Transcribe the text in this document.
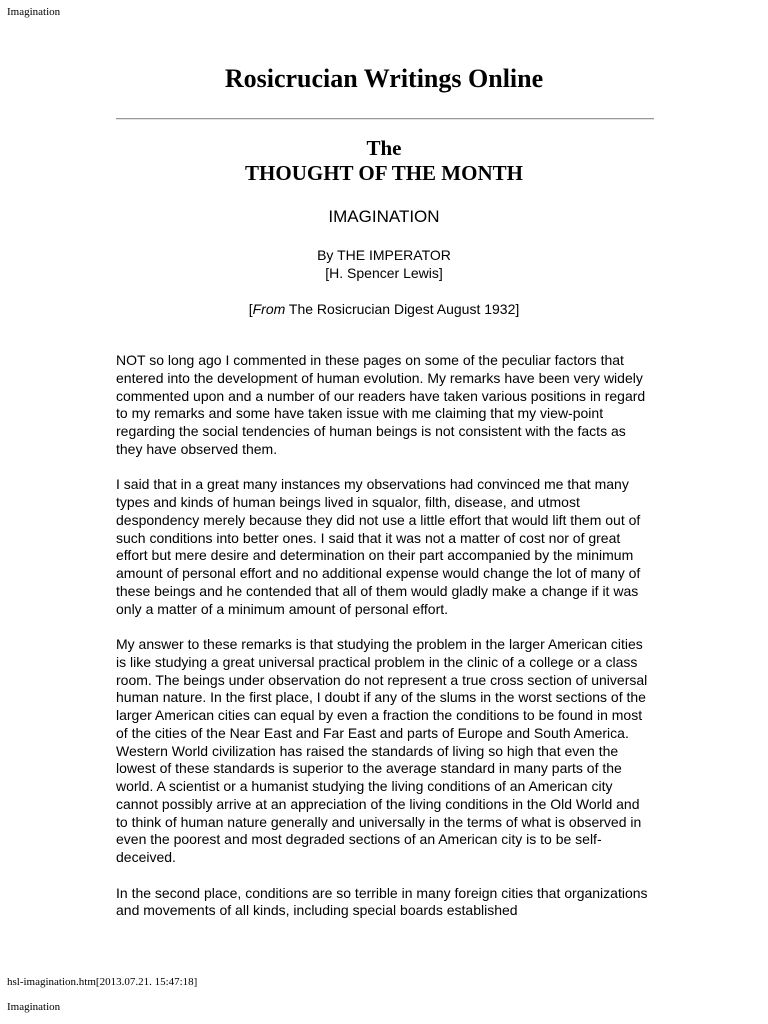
Imagination
Rosicrucian Writings Online
The
THOUGHT OF THE MONTH
IMAGINATION
By THE IMPERATOR
[H. Spencer Lewis]
[From The Rosicrucian Digest August 1932]

NOT so long ago I commented in these pages on some of the peculiar factors that entered into the development of human evolution. My remarks have been very widely commented upon and a number of our readers have taken various positions in regard to my remarks and some have taken issue with me claiming that my view-point regarding the social tendencies of human beings is not consistent with the facts as they have observed them.

I said that in a great many instances my observations had convinced me that many types and kinds of human beings lived in squalor, filth, disease, and utmost despondency merely because they did not use a little effort that would lift them out of such conditions into better ones. I said that it was not a matter of cost nor of great effort but mere desire and determination on their part accompanied by the minimum amount of personal effort and no additional expense would change the lot of many of these beings and he contended that all of them would gladly make a change if it was only a matter of a minimum amount of personal effort.

My answer to these remarks is that studying the problem in the larger American cities is like studying a great universal practical problem in the clinic of a college or a class room. The beings under observation do not represent a true cross section of universal human nature. In the first place, I doubt if any of the slums in the worst sections of the larger American cities can equal by even a fraction the conditions to be found in most of the cities of the Near East and Far East and parts of Europe and South America. Western World civilization has raised the standards of living so high that even the lowest of these standards is superior to the average standard in many parts of the world. A scientist or a humanist studying the living conditions of an American city cannot possibly arrive at an appreciation of the living conditions in the Old World and to think of human nature generally and universally in the terms of what is observed in even the poorest and most degraded sections of an American city is to be self-deceived.

In the second place, conditions are so terrible in many foreign cities that organizations and movements of all kinds, including special boards established

hsl-imagination.htm[2013.07.21. 15:47:18]
Imagination
